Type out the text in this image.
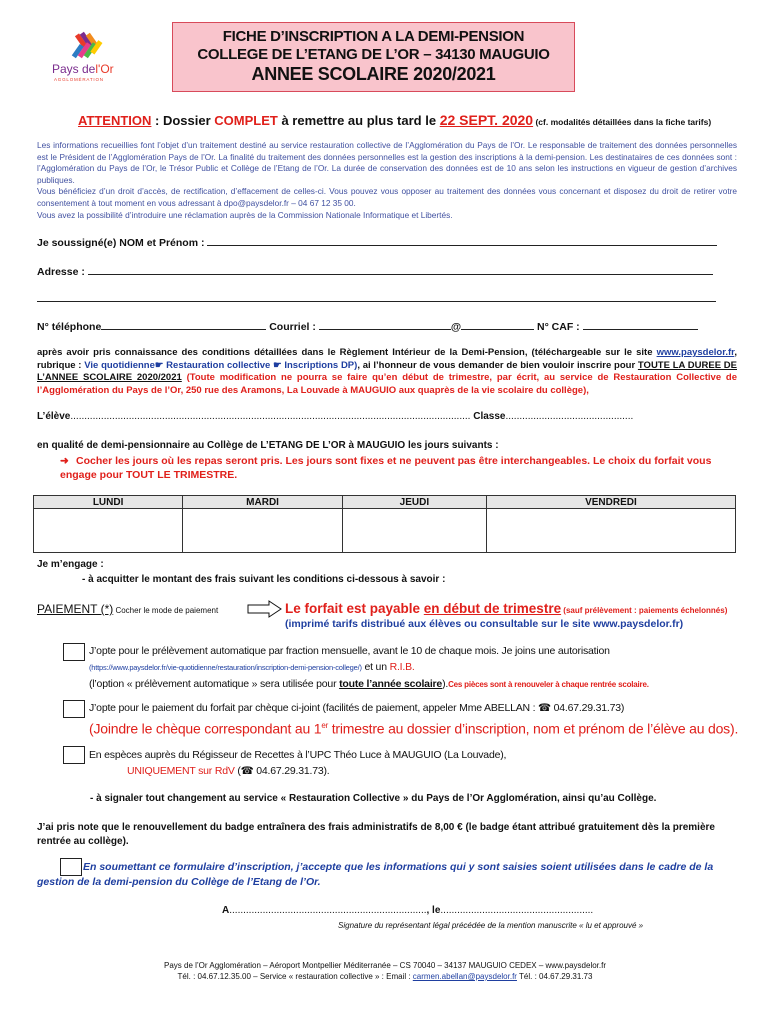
Pays del'Or
AGGLOMÉRATION
FICHE D’INSCRIPTION A LA DEMI-PENSION
COLLEGE DE L’ETANG DE L’OR – 34130 MAUGUIO
ANNEE SCOLAIRE 2020/2021
ATTENTION : Dossier COMPLET à remettre au plus tard le 22 SEPT. 2020 (cf. modalités détaillées dans la fiche tarifs)
Les informations recueillies font l’objet d’un traitement destiné au service restauration collective de l’Agglomération du Pays de l’Or. Le responsable de traitement des données personnelles est le Président de l’Agglomération Pays de l’Or. La finalité du traitement des données personnelles est la gestion des inscriptions à la demi-pension. Les destinataires de ces données sont : l’Agglomération du Pays de l’Or, le Trésor Public et Collège de l’Etang de l’Or. La durée de conservation des données est de 10 ans selon les instructions en vigueur de gestion d’archives publiques.
Vous bénéficiez d’un droit d’accès, de rectification, d’effacement de celles-ci. Vous pouvez vous opposer au traitement des données vous concernant et disposez du droit de retirer votre consentement à tout moment en vous adressant à dpo@paysdelor.fr – 04 67 12 35 00.
Vous avez la possibilité d’introduire une réclamation auprès de la Commission Nationale Informatique et Libertés.
Je soussigné(e) NOM et Prénom :
Adresse :
N° téléphone	Courriel :	@	N° CAF :
après avoir pris connaissance des conditions détaillées dans le Règlement Intérieur de la Demi-Pension, (téléchargeable sur le site www.paysdelor.fr, rubrique : Vie quotidienne☛ Restauration collective ☛ Inscriptions DP), ai l’honneur de vous demander de bien vouloir inscrire pour TOUTE LA DUREE DE L’ANNEE SCOLAIRE 2020/2021 (Toute modification ne pourra se faire qu’en début de trimestre, par écrit, au service de Restauration Collective de l’Agglomération du Pays de l’Or, 250 rue des Aramons, La Louvade à MAUGUIO aux quaprès de la vie scolaire du collège),
L’élève................................................................................................................................................ Classe..............................................
en qualité de demi-pensionnaire au Collège de L’ETANG DE L’OR à MAUGUIO les jours suivants :
➜ Cocher les jours où les repas seront pris. Les jours sont fixes et ne peuvent pas être interchangeables. Le choix du forfait vous engage pour TOUT LE TRIMESTRE.
LUNDI	MARDI	JEUDI	VENDREDI

Je m’engage :
- à acquitter le montant des frais suivant les conditions ci-dessous à savoir :
PAIEMENT (*) Cocher le mode de paiement	Le forfait est payable en début de trimestre (sauf prélèvement : paiements échelonnés)
(imprimé tarifs distribué aux élèves ou consultable sur le site www.paysdelor.fr)
J’opte pour le prélèvement automatique par fraction mensuelle, avant le 10 de chaque mois. Je joins une autorisation
(https://www.paysdelor.fr/vie-quotidienne/restauration/inscription-demi-pension-college/) et un R.I.B.
(l’option « prélèvement automatique » sera utilisée pour toute l’année scolaire).Ces pièces sont à renouveler à chaque rentrée scolaire.
J’opte pour le paiement du forfait par chèque ci-joint (facilités de paiement, appeler Mme ABELLAN : ☎ 04.67.29.31.73)
(Joindre le chèque correspondant au 1er trimestre au dossier d’inscription, nom et prénom de l’élève au dos).
En espèces auprès du Régisseur de Recettes à l’UPC Théo Luce à MAUGUIO (La Louvade),
UNIQUEMENT sur RdV (☎ 04.67.29.31.73).
- à signaler tout changement au service « Restauration Collective » du Pays de l’Or Agglomération, ainsi qu’au Collège.
J’ai pris note que le renouvellement du badge entraînera des frais administratifs de 8,00 € (le badge étant attribué gratuitement dès la première rentrée au collège).
En soumettant ce formulaire d’inscription, j’accepte que les informations qui y sont saisies soient utilisées dans le cadre de la gestion de la demi-pension du Collège de l’Etang de l’Or.
A......................................................................., le.......................................................
Signature du représentant légal précédée de la mention manuscrite « lu et approuvé »
Pays de l’Or Agglomération – Aéroport Montpellier Méditerranée – CS 70040 – 34137 MAUGUIO CEDEX – www.paysdelor.fr
Tél. : 04.67.12.35.00 – Service « restauration collective » : Email : carmen.abellan@paysdelor.fr Tél. : 04.67.29.31.73
